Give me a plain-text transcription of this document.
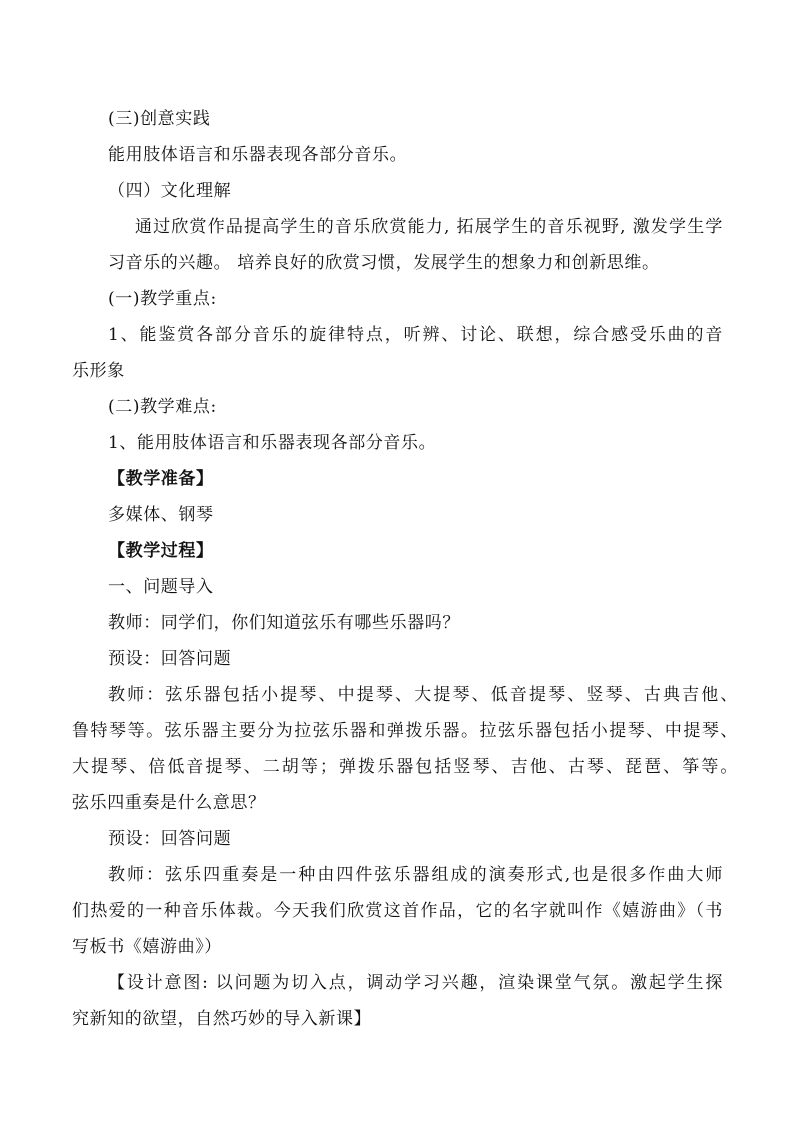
(三)创意实践
能用肢体语言和乐器表现各部分音乐。
（四）文化理解
通过欣赏作品提高学生的音乐欣赏能力, 拓展学生的音乐视野, 激发学生学
习音乐的兴趣。 培养良好的欣赏习惯，发展学生的想象力和创新思维。
(一)教学重点:
1、能鉴赏各部分音乐的旋律特点，听辨、讨论、联想，综合感受乐曲的音
乐形象
(二)教学难点:
1、能用肢体语言和乐器表现各部分音乐。
【教学准备】
多媒体、钢琴
【教学过程】
一、问题导入
教师：同学们，你们知道弦乐有哪些乐器吗？
预设：回答问题
教师：弦乐器包括小提琴、中提琴、大提琴、低音提琴、竖琴、古典吉他、
鲁特琴等。弦乐器主要分为拉弦乐器和弹拨乐器。拉弦乐器包括小提琴、中提琴、
大提琴、倍低音提琴、二胡等；弹拨乐器包括竖琴、吉他、古琴、琵琶、筝等。
弦乐四重奏是什么意思？
预设：回答问题
教师：弦乐四重奏是一种由四件弦乐器组成的演奏形式,也是很多作曲大师
们热爱的一种音乐体裁。今天我们欣赏这首作品，它的名字就叫作《嬉游曲》（书
写板书《嬉游曲》）
【设计意图: 以问题为切入点，调动学习兴趣，渲染课堂气氛。激起学生探
究新知的欲望，自然巧妙的导入新课】
